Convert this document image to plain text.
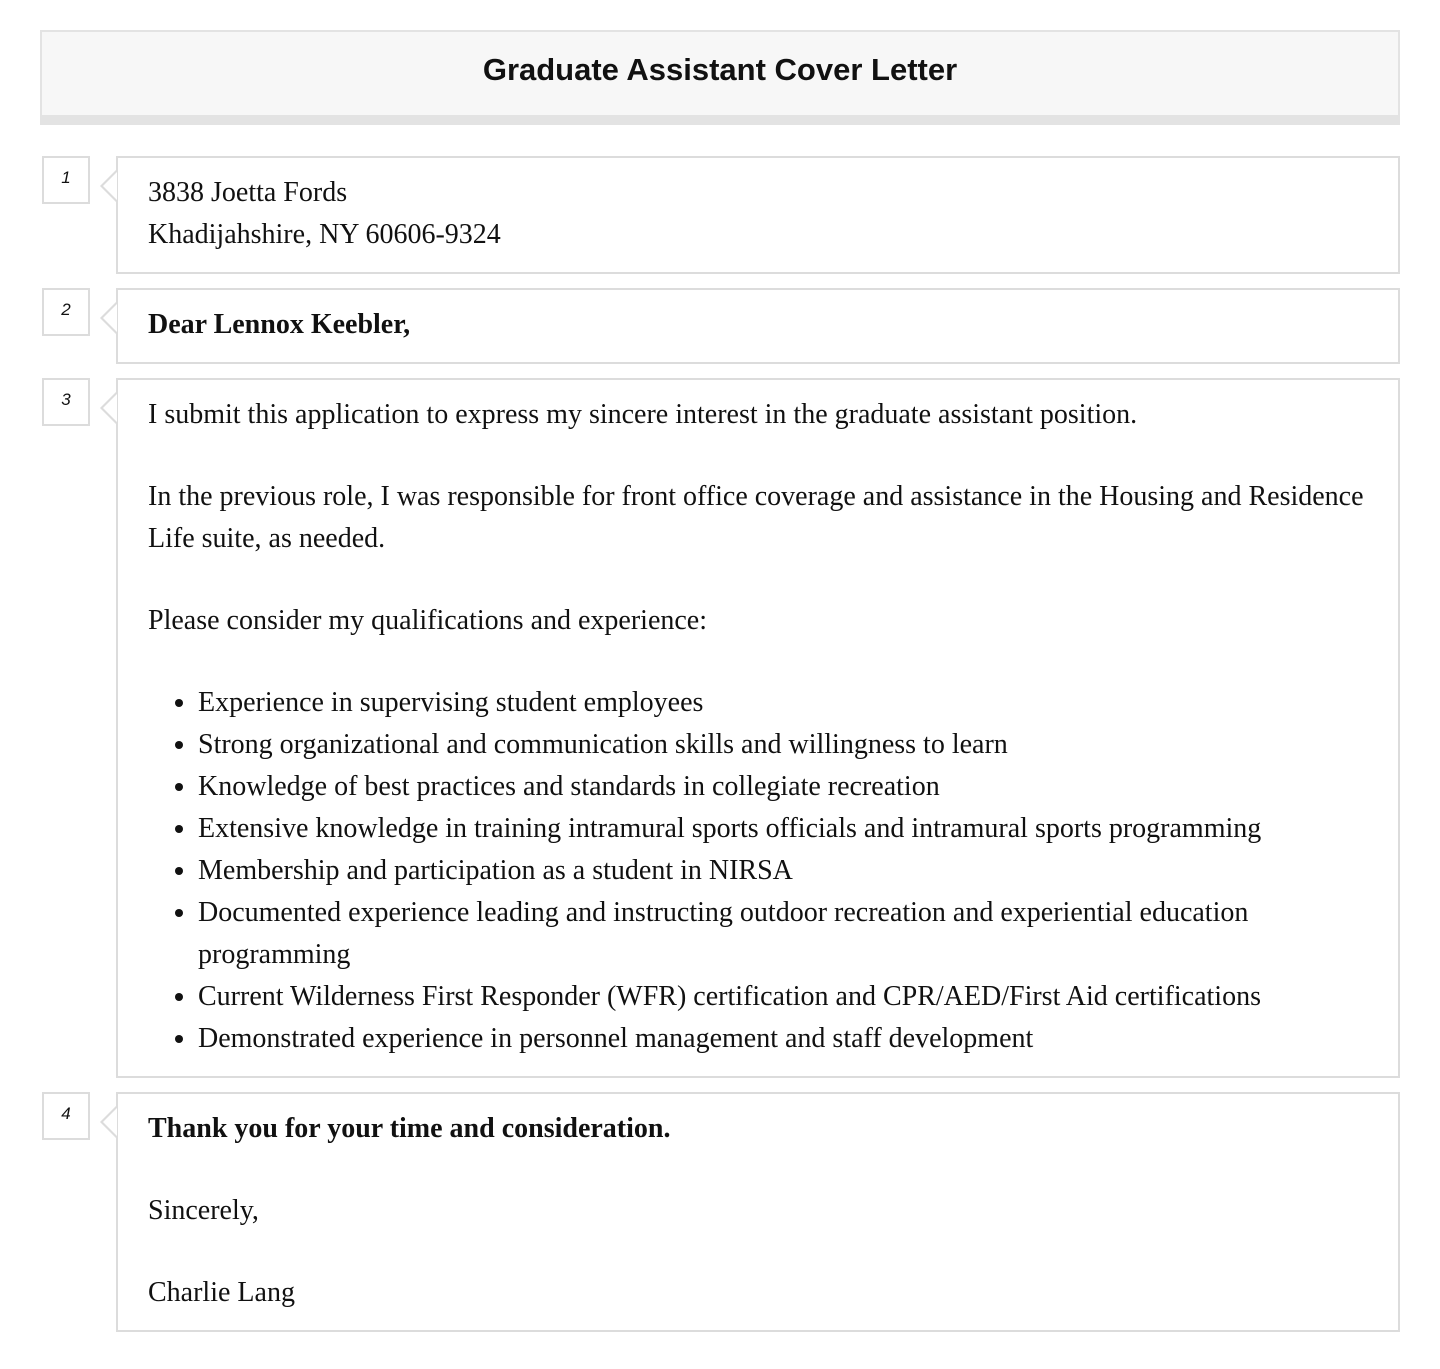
Graduate Assistant Cover Letter
1	3838 Joetta Fords
Khadijahshire, NY 60606-9324
2	Dear Lennox Keebler,
3	I submit this application to express my sincere interest in the graduate assistant position.

In the previous role, I was responsible for front office coverage and assistance in the Housing and Residence Life suite, as needed.

Please consider my qualifications and experience:

• Experience in supervising student employees
• Strong organizational and communication skills and willingness to learn
• Knowledge of best practices and standards in collegiate recreation
• Extensive knowledge in training intramural sports officials and intramural sports programming
• Membership and participation as a student in NIRSA
• Documented experience leading and instructing outdoor recreation and experiential education programming
• Current Wilderness First Responder (WFR) certification and CPR/AED/First Aid certifications
• Demonstrated experience in personnel management and staff development
4	Thank you for your time and consideration.

Sincerely,

Charlie Lang
